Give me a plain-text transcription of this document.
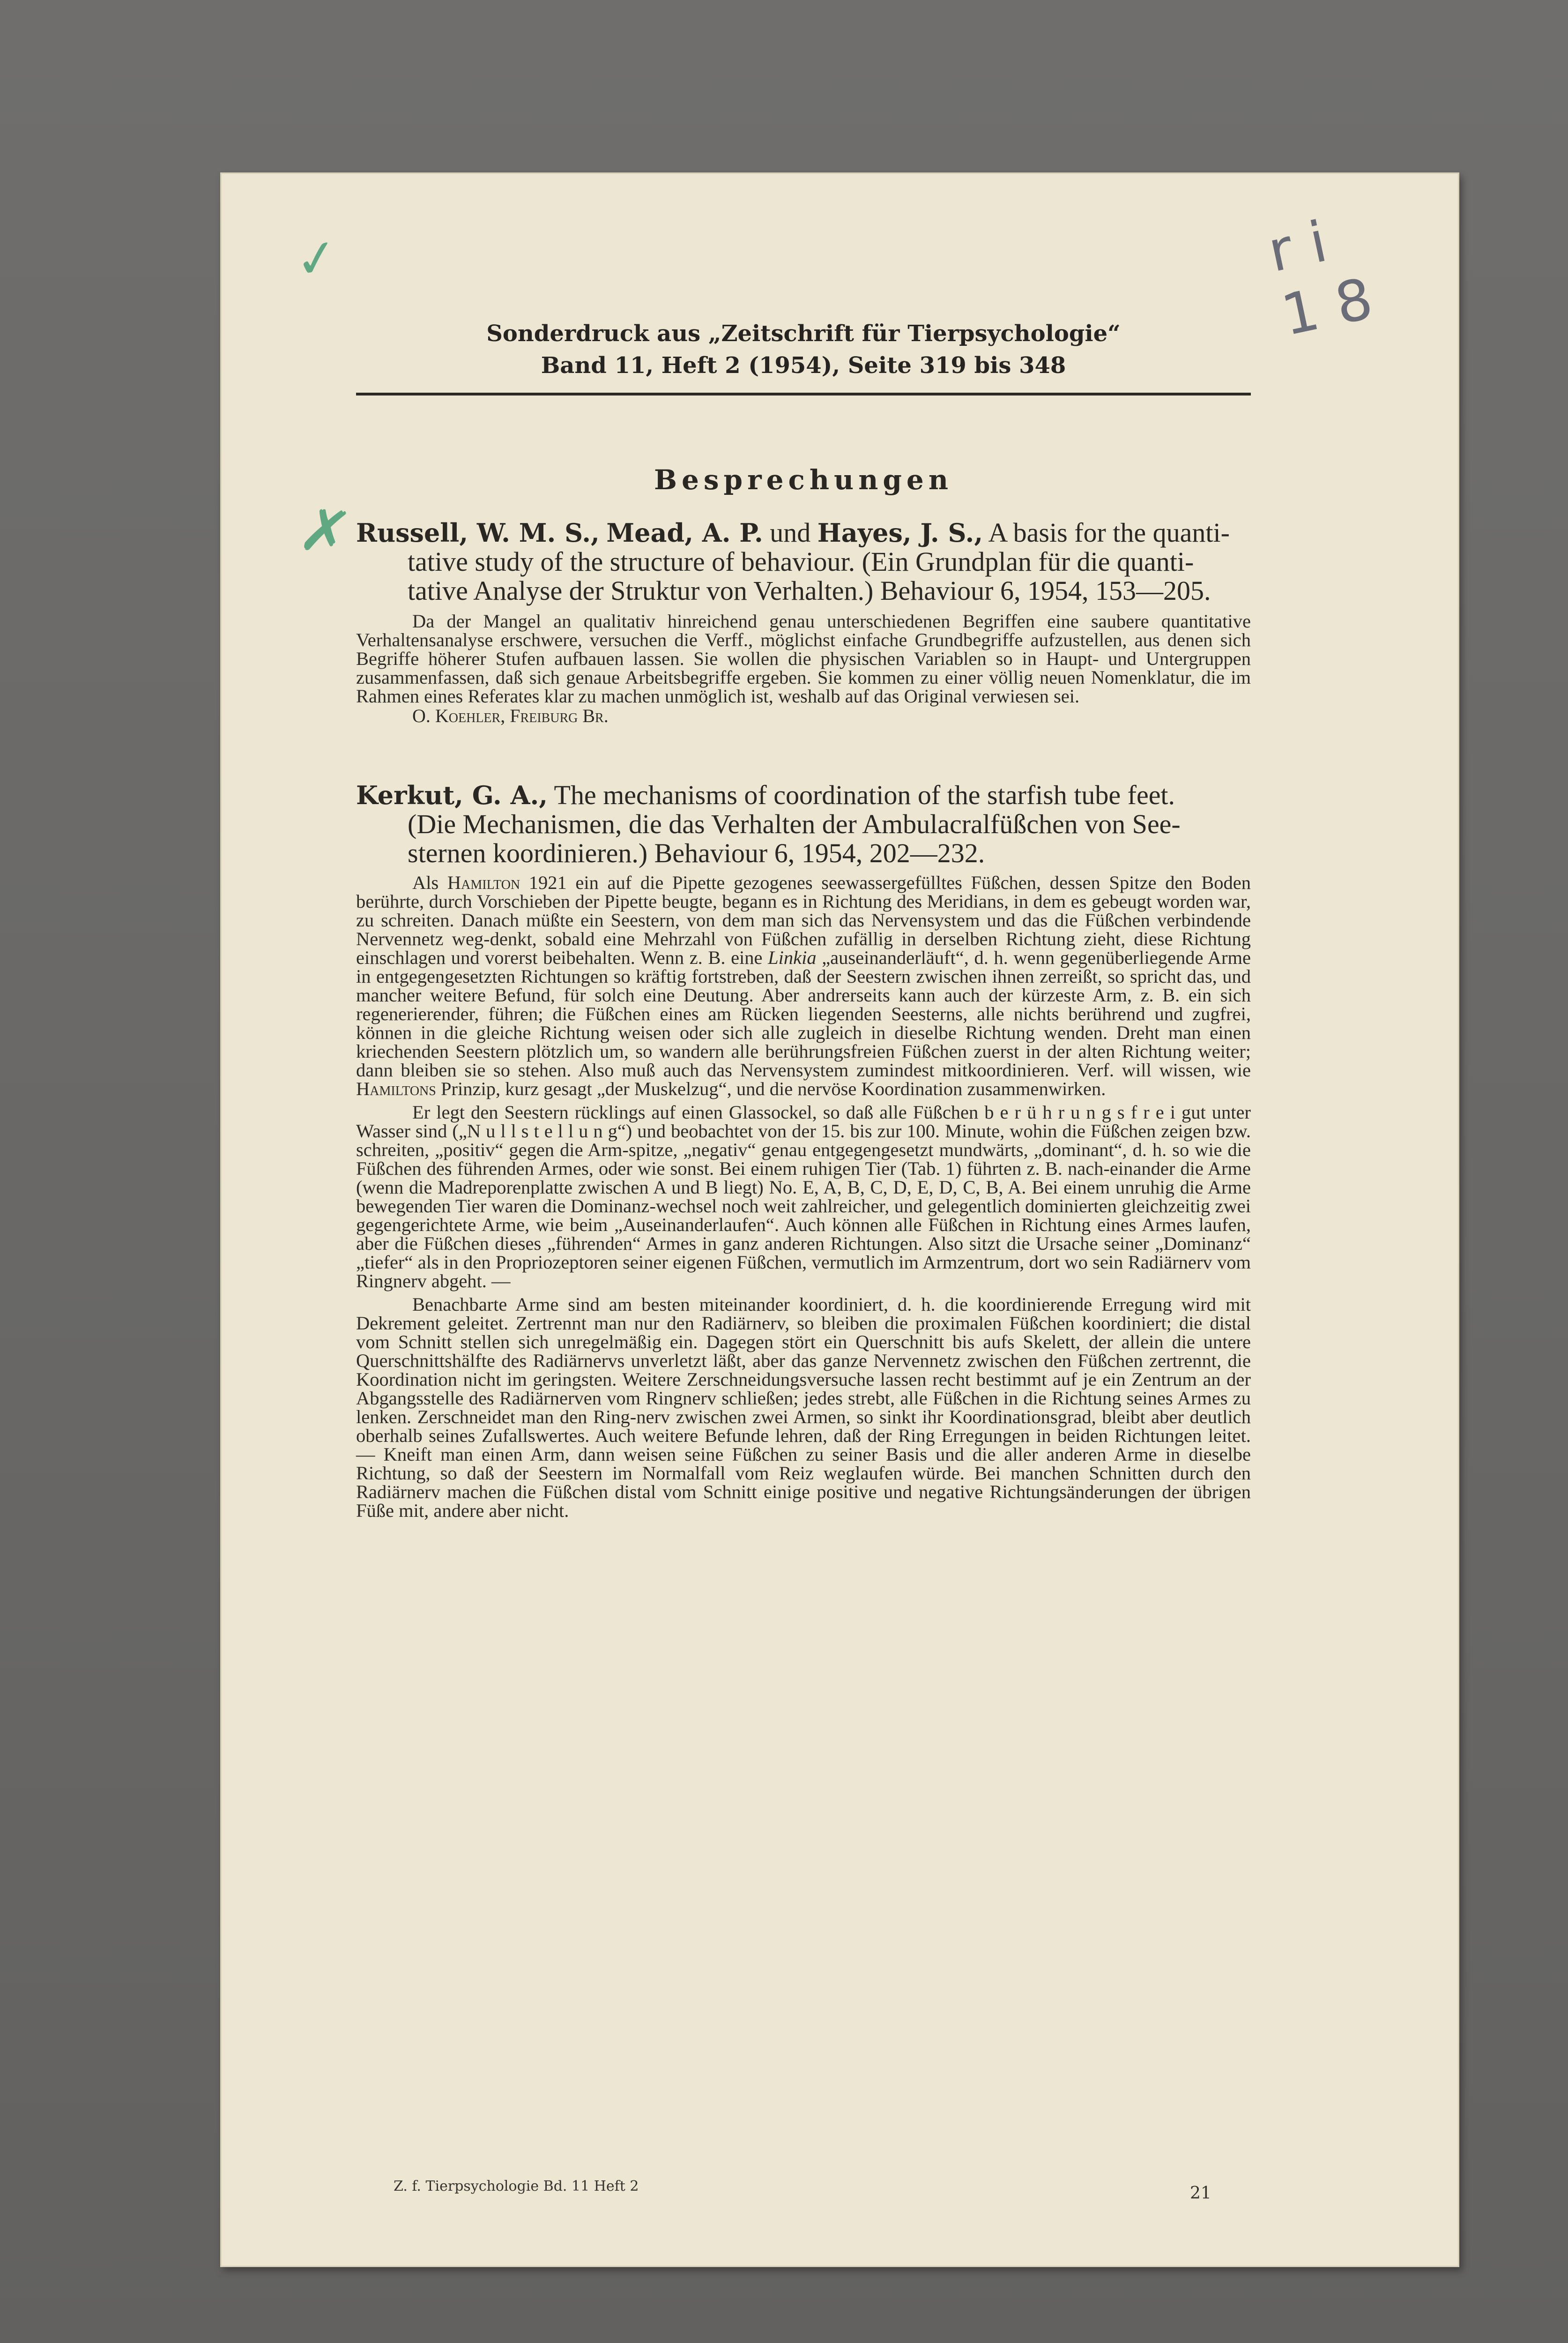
✓	ri 18
✗
Sonderdruck aus „Zeitschrift für Tierpsychologie“
Band 11, Heft 2 (1954), Seite 319 bis 348
Besprechungen

Russell, W. M. S., Mead, A. P. und Hayes, J. S., A basis for the quanti-

tative study of the structure of behaviour. (Ein Grundplan für die quanti-

tative Analyse der Struktur von Verhalten.) Behaviour 6, 1954, 153—205.

Da der Mangel an qualitativ hinreichend genau unterschiedenen Begriffen eine saubere quantitative Verhaltensanalyse erschwere, versuchen die Verff., möglichst einfache Grundbegriffe aufzustellen, aus denen sich Begriffe höherer Stufen aufbauen lassen. Sie wollen die physischen Variablen so in Haupt- und Untergruppen zusammenfassen, daß sich genaue Arbeitsbegriffe ergeben. Sie kommen zu einer völlig neuen Nomenklatur, die im Rahmen eines Referates klar zu machen unmöglich ist, weshalb auf das Original verwiesen sei.

O. Koehler, Freiburg Br.

Kerkut, G. A., The mechanisms of coordination of the starfish tube feet.

(Die Mechanismen, die das Verhalten der Ambulacralfüßchen von See-

sternen koordinieren.) Behaviour 6, 1954, 202—232.

Als Hamilton 1921 ein auf die Pipette gezogenes seewassergefülltes Füßchen, dessen Spitze den Boden berührte, durch Vorschieben der Pipette beugte, begann es in Richtung des Meridians, in dem es gebeugt worden war, zu schreiten. Danach müßte ein Seestern, von dem man sich das Nervensystem und das die Füßchen verbindende Nervennetz weg-denkt, sobald eine Mehrzahl von Füßchen zufällig in derselben Richtung zieht, diese Richtung einschlagen und vorerst beibehalten. Wenn z. B. eine Linkia „auseinanderläuft“, d. h. wenn gegenüberliegende Arme in entgegengesetzten Richtungen so kräftig fortstreben, daß der Seestern zwischen ihnen zerreißt, so spricht das, und mancher weitere Befund, für solch eine Deutung. Aber andrerseits kann auch der kürzeste Arm, z. B. ein sich regenerierender, führen; die Füßchen eines am Rücken liegenden Seesterns, alle nichts berührend und zugfrei, können in die gleiche Richtung weisen oder sich alle zugleich in dieselbe Richtung wenden. Dreht man einen kriechenden Seestern plötzlich um, so wandern alle berührungsfreien Füßchen zuerst in der alten Richtung weiter; dann bleiben sie so stehen. Also muß auch das Nervensystem zumindest mitkoordinieren. Verf. will wissen, wie Hamiltons Prinzip, kurz gesagt „der Muskelzug“, und die nervöse Koordination zusammenwirken.

Er legt den Seestern rücklings auf einen Glassockel, so daß alle Füßchen b e r ü h r u n g s f r e i gut unter Wasser sind („N u l l s t e l l u n g“) und beobachtet von der 15. bis zur 100. Minute, wohin die Füßchen zeigen bzw. schreiten, „positiv“ gegen die Arm-spitze, „negativ“ genau entgegengesetzt mundwärts, „dominant“, d. h. so wie die Füßchen des führenden Armes, oder wie sonst. Bei einem ruhigen Tier (Tab. 1) führten z. B. nach-einander die Arme (wenn die Madreporenplatte zwischen A und B liegt) No. E, A, B, C, D, E, D, C, B, A. Bei einem unruhig die Arme bewegenden Tier waren die Dominanz-wechsel noch weit zahlreicher, und gelegentlich dominierten gleichzeitig zwei gegengerichtete Arme, wie beim „Auseinanderlaufen“. Auch können alle Füßchen in Richtung eines Armes laufen, aber die Füßchen dieses „führenden“ Armes in ganz anderen Richtungen. Also sitzt die Ursache seiner „Dominanz“ „tiefer“ als in den Propriozeptoren seiner eigenen Füßchen, vermutlich im Armzentrum, dort wo sein Radiärnerv vom Ringnerv abgeht. —

Benachbarte Arme sind am besten miteinander koordiniert, d. h. die koordinierende Erregung wird mit Dekrement geleitet. Zertrennt man nur den Radiärnerv, so bleiben die proximalen Füßchen koordiniert; die distal vom Schnitt stellen sich unregelmäßig ein. Dagegen stört ein Querschnitt bis aufs Skelett, der allein die untere Querschnittshälfte des Radiärnervs unverletzt läßt, aber das ganze Nervennetz zwischen den Füßchen zertrennt, die Koordination nicht im geringsten. Weitere Zerschneidungsversuche lassen recht bestimmt auf je ein Zentrum an der Abgangsstelle des Radiärnerven vom Ringnerv schließen; jedes strebt, alle Füßchen in die Richtung seines Armes zu lenken. Zerschneidet man den Ring-nerv zwischen zwei Armen, so sinkt ihr Koordinationsgrad, bleibt aber deutlich oberhalb seines Zufallswertes. Auch weitere Befunde lehren, daß der Ring Erregungen in beiden Richtungen leitet. — Kneift man einen Arm, dann weisen seine Füßchen zu seiner Basis und die aller anderen Arme in dieselbe Richtung, so daß der Seestern im Normalfall vom Reiz weglaufen würde. Bei manchen Schnitten durch den Radiärnerv machen die Füßchen distal vom Schnitt einige positive und negative Richtungsänderungen der übrigen Füße mit, andere aber nicht.

Z. f. Tierpsychologie Bd. 11 Heft 2	21
